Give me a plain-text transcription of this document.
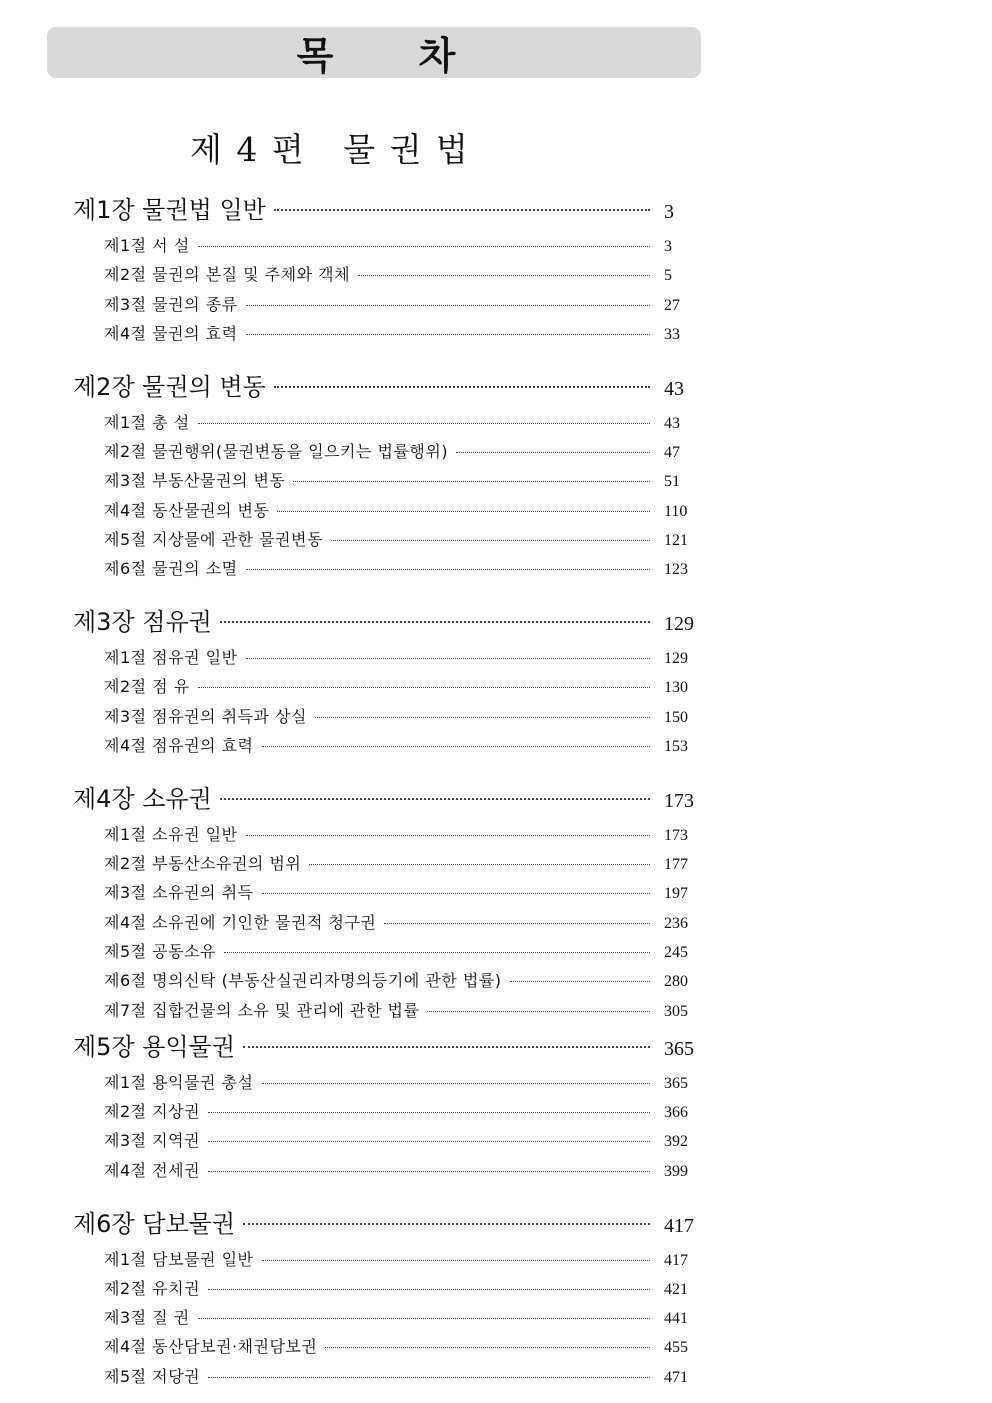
목 차
제 4 편   물 권 법
제1장 물권법 일반	3
제1절 서 설	3
제2절 물권의 본질 및 주체와 객체	5
제3절 물권의 종류	27
제4절 물권의 효력	33
제2장 물권의 변동	43
제1절 총 설	43
제2절 물권행위(물권변동을 일으키는 법률행위)	47
제3절 부동산물권의 변동	51
제4절 동산물권의 변동	110
제5절 지상물에 관한 물권변동	121
제6절 물권의 소멸	123
제3장 점유권	129
제1절 점유권 일반	129
제2절 점 유	130
제3절 점유권의 취득과 상실	150
제4절 점유권의 효력	153
제4장 소유권	173
제1절 소유권 일반	173
제2절 부동산소유권의 범위	177
제3절 소유권의 취득	197
제4절 소유권에 기인한 물권적 청구권	236
제5절 공동소유	245
제6절 명의신탁 (부동산실권리자명의등기에 관한 법률)	280
제7절 집합건물의 소유 및 관리에 관한 법률	305
제5장 용익물권	365
제1절 용익물권 총설	365
제2절 지상권	366
제3절 지역권	392
제4절 전세권	399
제6장 담보물권	417
제1절 담보물권 일반	417
제2절 유치권	421
제3절 질 권	441
제4절 동산담보권·채권담보권	455
제5절 저당권	471
